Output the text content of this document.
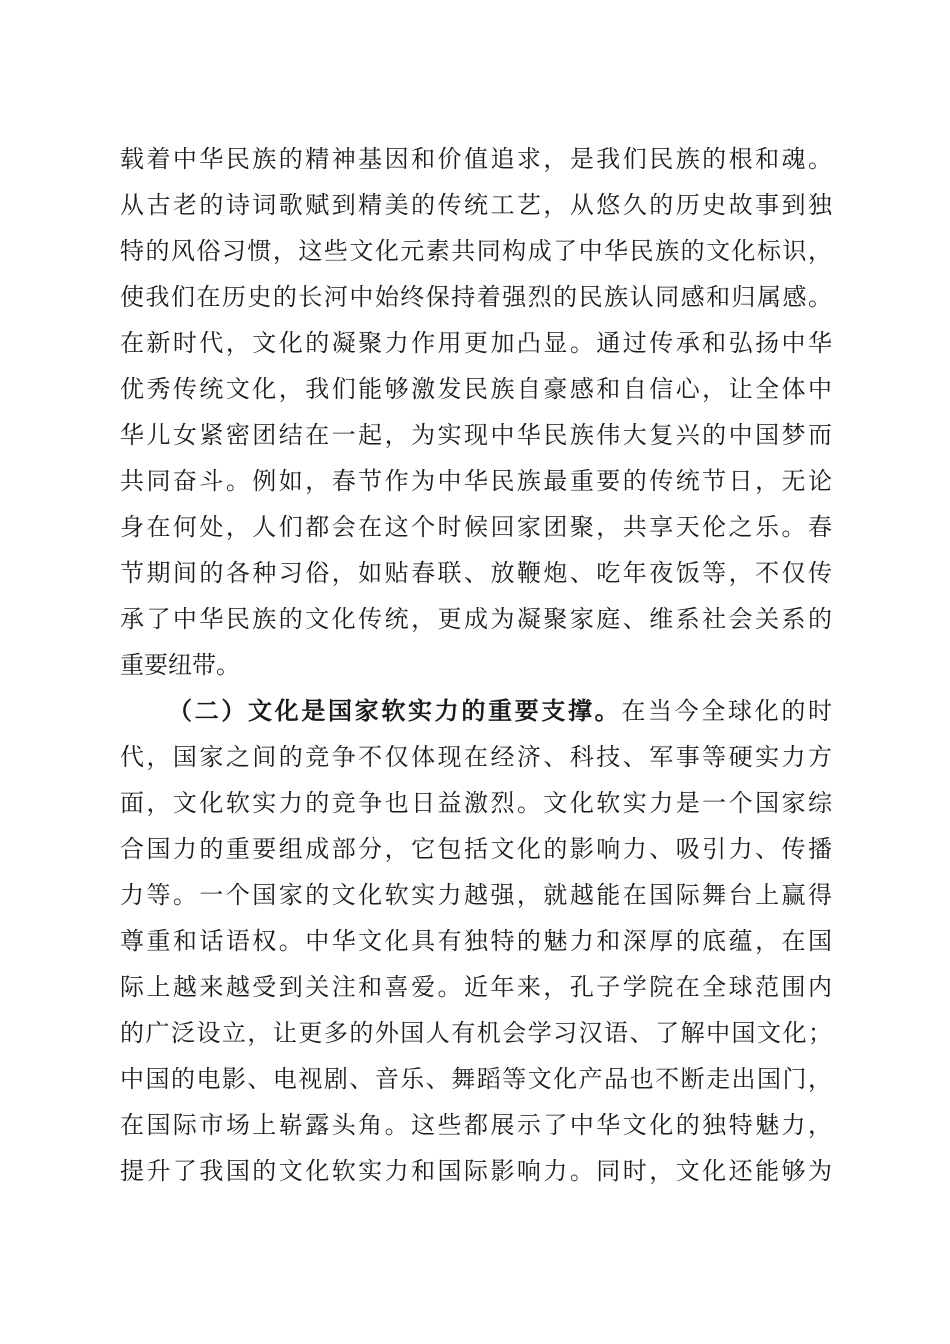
载着中华民族的精神基因和价值追求，是我们民族的根和魂。
从古老的诗词歌赋到精美的传统工艺，从悠久的历史故事到独
特的风俗习惯，这些文化元素共同构成了中华民族的文化标识，
使我们在历史的长河中始终保持着强烈的民族认同感和归属感。
在新时代，文化的凝聚力作用更加凸显。通过传承和弘扬中华
优秀传统文化，我们能够激发民族自豪感和自信心，让全体中
华儿女紧密团结在一起，为实现中华民族伟大复兴的中国梦而
共同奋斗。例如，春节作为中华民族最重要的传统节日，无论
身在何处，人们都会在这个时候回家团聚，共享天伦之乐。春
节期间的各种习俗，如贴春联、放鞭炮、吃年夜饭等，不仅传
承了中华民族的文化传统，更成为凝聚家庭、维系社会关系的
重要纽带。
（二）文化是国家软实力的重要支撑。在当今全球化的时
代，国家之间的竞争不仅体现在经济、科技、军事等硬实力方
面，文化软实力的竞争也日益激烈。文化软实力是一个国家综
合国力的重要组成部分，它包括文化的影响力、吸引力、传播
力等。一个国家的文化软实力越强，就越能在国际舞台上赢得
尊重和话语权。中华文化具有独特的魅力和深厚的底蕴，在国
际上越来越受到关注和喜爱。近年来，孔子学院在全球范围内
的广泛设立，让更多的外国人有机会学习汉语、了解中国文化；
中国的电影、电视剧、音乐、舞蹈等文化产品也不断走出国门，
在国际市场上崭露头角。这些都展示了中华文化的独特魅力，
提升了我国的文化软实力和国际影响力。同时，文化还能够为
